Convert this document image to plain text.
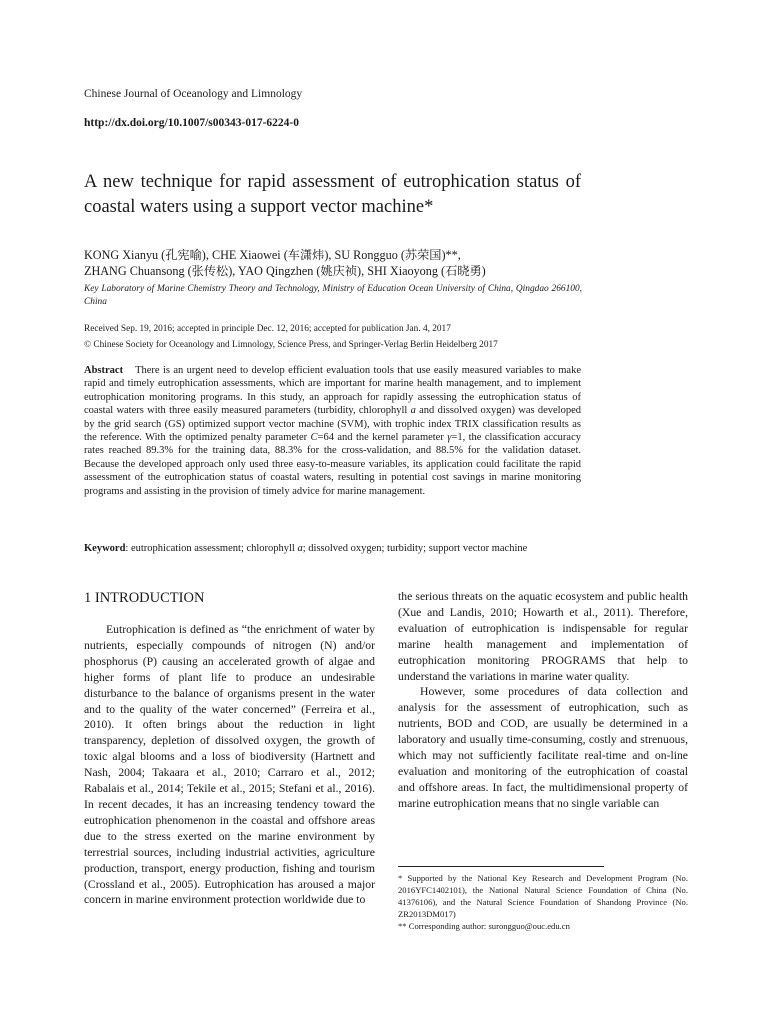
Chinese Journal of Oceanology and Limnology
http://dx.doi.org/10.1007/s00343-017-6224-0
A new technique for rapid assessment of eutrophication status of coastal waters using a support vector machine*
KONG Xianyu (孔宪喻), CHE Xiaowei (车潇炜), SU Rongguo (苏荣国)**,
ZHANG Chuansong (张传松), YAO Qingzhen (姚庆祯), SHI Xiaoyong (石晓勇)
Key Laboratory of Marine Chemistry Theory and Technology, Ministry of Education Ocean University of China, Qingdao 266100, China
Received Sep. 19, 2016; accepted in principle Dec. 12, 2016; accepted for publication Jan. 4, 2017
© Chinese Society for Oceanology and Limnology, Science Press, and Springer-Verlag Berlin Heidelberg 2017
Abstract There is an urgent need to develop efficient evaluation tools that use easily measured variables to make rapid and timely eutrophication assessments, which are important for marine health management, and to implement eutrophication monitoring programs. In this study, an approach for rapidly assessing the eutrophication status of coastal waters with three easily measured parameters (turbidity, chlorophyll a and dissolved oxygen) was developed by the grid search (GS) optimized support vector machine (SVM), with trophic index TRIX classification results as the reference. With the optimized penalty parameter C=64 and the kernel parameter γ=1, the classification accuracy rates reached 89.3% for the training data, 88.3% for the cross-validation, and 88.5% for the validation dataset. Because the developed approach only used three easy-to-measure variables, its application could facilitate the rapid assessment of the eutrophication status of coastal waters, resulting in potential cost savings in marine monitoring programs and assisting in the provision of timely advice for marine management.
Keyword: eutrophication assessment; chlorophyll a; dissolved oxygen; turbidity; support vector machine
1 INTRODUCTION

Eutrophication is defined as “the enrichment of water by nutrients, especially compounds of nitrogen (N) and/or phosphorus (P) causing an accelerated growth of algae and higher forms of plant life to produce an undesirable disturbance to the balance of organisms present in the water and to the quality of the water concerned” (Ferreira et al., 2010). It often brings about the reduction in light transparency, depletion of dissolved oxygen, the growth of toxic algal blooms and a loss of biodiversity (Hartnett and Nash, 2004; Takaara et al., 2010; Carraro et al., 2012; Rabalais et al., 2014; Tekile et al., 2015; Stefani et al., 2016). In recent decades, it has an increasing tendency toward the eutrophication phenomenon in the coastal and offshore areas due to the stress exerted on the marine environment by terrestrial sources, including industrial activities, agriculture production, transport, energy production, fishing and tourism (Crossland et al., 2005). Eutrophication has aroused a major concern in marine environment protection worldwide due to

the serious threats on the aquatic ecosystem and public health (Xue and Landis, 2010; Howarth et al., 2011). Therefore, evaluation of eutrophication is indispensable for regular marine health management and implementation of eutrophication monitoring PROGRAMS that help to understand the variations in marine water quality.

However, some procedures of data collection and analysis for the assessment of eutrophication, such as nutrients, BOD and COD, are usually be determined in a laboratory and usually time-consuming, costly and strenuous, which may not sufficiently facilitate real-time and on-line evaluation and monitoring of the eutrophication of coastal and offshore areas. In fact, the multidimensional property of marine eutrophication means that no single variable can

* Supported by the National Key Research and Development Program (No. 2016YFC1402101), the National Natural Science Foundation of China (No. 41376106), and the Natural Science Foundation of Shandong Province (No. ZR2013DM017)
** Corresponding author: surongguo@ouc.edu.cn
